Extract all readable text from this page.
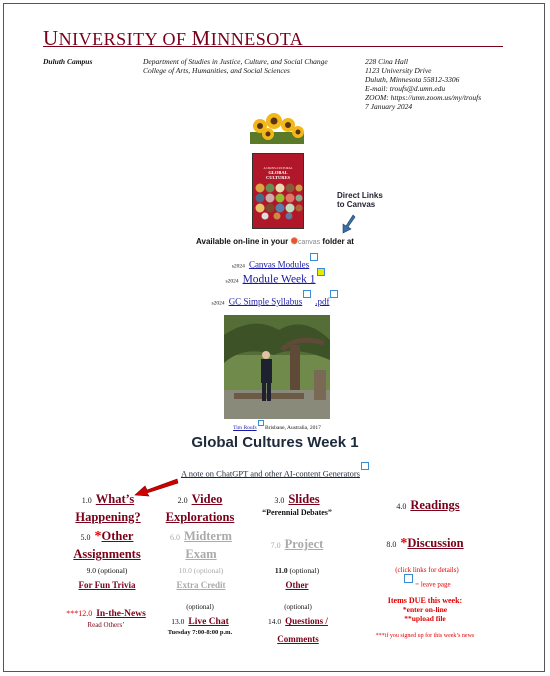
UNIVERSITY OF MINNESOTA
Duluth Campus	Department of Studies in Justice, Culture, and Social Change
College of Arts, Humanities, and Social Sciences
228 Cina Hall
1123 University Drive
Duluth, Minnesota 55812-3306
E-mail: troufs@d.umn.edu
ZOOM: https://umn.zoom.us/my/troufs
7 January 2024
A CROSS-CULTURAL
GLOBAL
CULTURES
Direct Links
to Canvas
Available on-line in your ✺canvas folder at
s2024 Canvas Modules
s2024 Module Week 1
s2024 GC Simple Syllabus .pdf
Tim Roufs Brisbane, Australia, 2017
Global Cultures Week 1
A note on ChatGPT and other AI-content Generators
1.0 What’s Happening?
2.0 Video Explorations
3.0 Slides
“Perennial Debates”
4.0 Readings
5.0 *Other Assignments
6.0 Midterm Exam
7.0 Project	8.0 *Discussion
9.0 (optional)
For Fun Trivia
10.0 (optional)
Extra Credit
11.0 (optional)
Other
(click links for details)
= leave page
***12.0 In-the-News
Read Others’
(optional)
13.0 Live Chat
Tuesday 7:00-8:00 p.m.
(optional)
14.0 Questions / Comments
Items DUE this week:
*enter on-line
**upload file
***if you signed up for this week’s news
